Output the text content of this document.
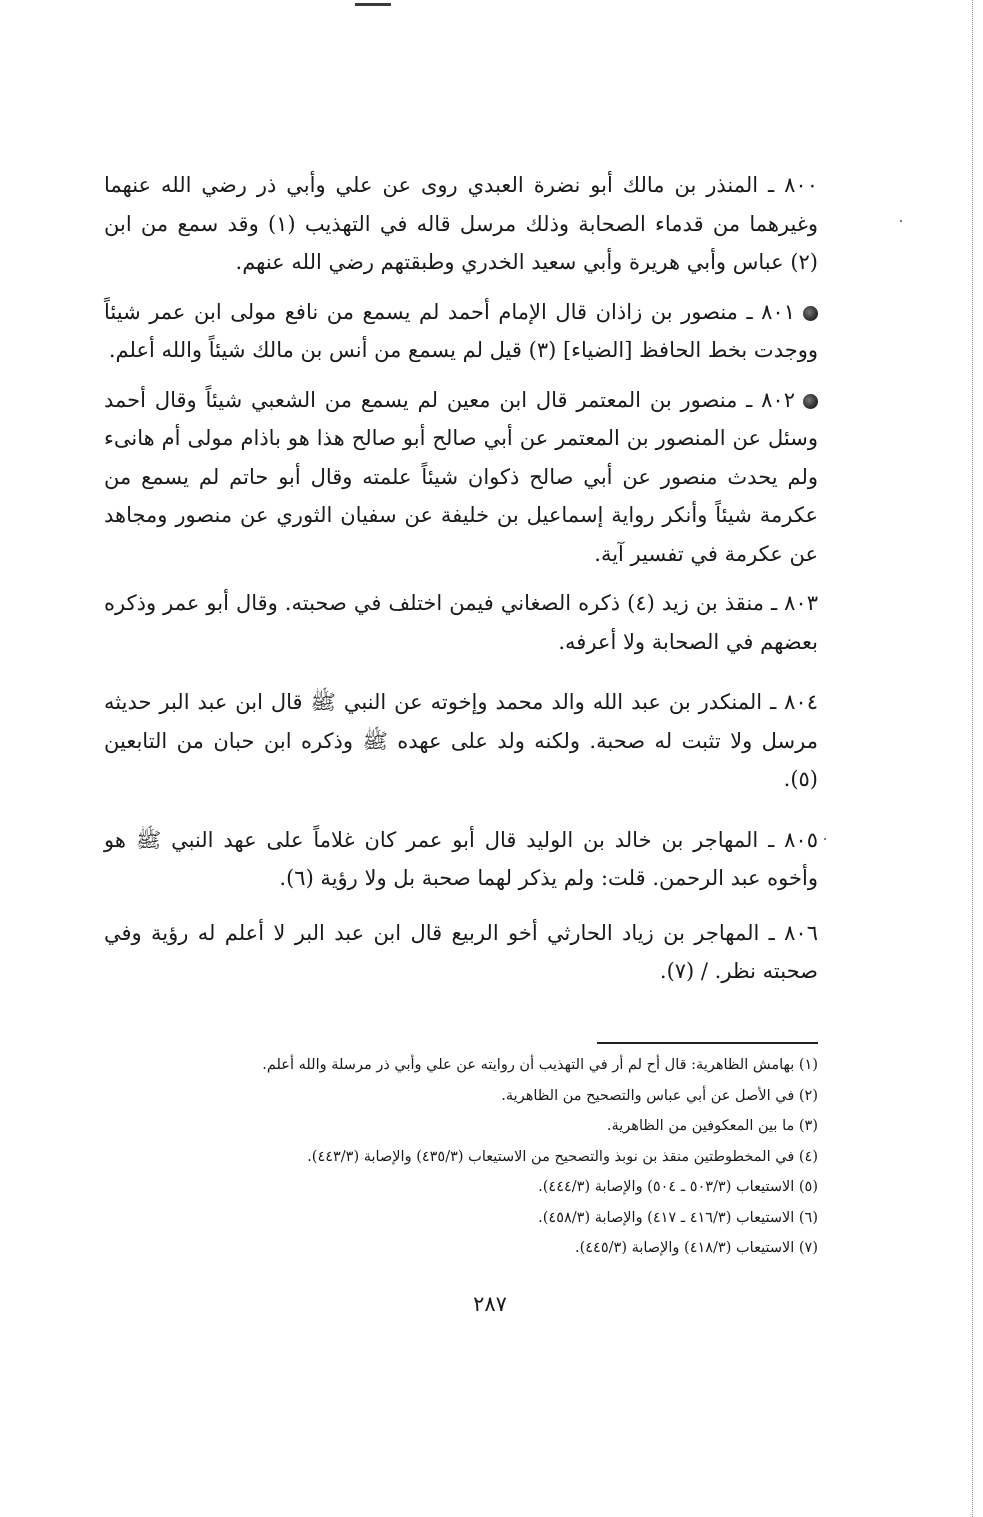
٨٠٠ ـ المنذر بن مالك أبو نضرة العبدي روى عن علي وأبي ذر رضي الله عنهما وغيرهما من قدماء الصحابة وذلك مرسل قاله في التهذيب (١) وقد سمع من ابن (٢) عباس وأبي هريرة وأبي سعيد الخدري وطبقتهم رضي الله عنهم.

٨٠١ ـ منصور بن زاذان قال الإمام أحمد لم يسمع من نافع مولى ابن عمر شيئاً ووجدت بخط الحافظ [الضياء] (٣) قيل لم يسمع من أنس بن مالك شيئاً والله أعلم.

٨٠٢ ـ منصور بن المعتمر قال ابن معين لم يسمع من الشعبي شيئاً وقال أحمد وسئل عن المنصور بن المعتمر عن أبي صالح أبو صالح هذا هو باذام مولى أم هانىء ولم يحدث منصور عن أبي صالح ذكوان شيئاً علمته وقال أبو حاتم لم يسمع من عكرمة شيئاً وأنكر رواية إسماعيل بن خليفة عن سفيان الثوري عن منصور ومجاهد عن عكرمة في تفسير آية.

٨٠٣ ـ منقذ بن زيد (٤) ذكره الصغاني فيمن اختلف في صحبته. وقال أبو عمر وذكره بعضهم في الصحابة ولا أعرفه.

٨٠٤ ـ المنكدر بن عبد الله والد محمد وإخوته عن النبي ﷺ قال ابن عبد البر حديثه مرسل ولا تثبت له صحبة. ولكنه ولد على عهده ﷺ وذكره ابن حبان من التابعين (٥).

٨٠٥ ـ المهاجر بن خالد بن الوليد قال أبو عمر كان غلاماً على عهد النبي ﷺ هو وأخوه عبد الرحمن. قلت: ولم يذكر لهما صحبة بل ولا رؤية (٦).

٨٠٦ ـ المهاجر بن زياد الحارثي أخو الربيع قال ابن عبد البر لا أعلم له رؤية وفي صحبته نظر. / (٧).

(١) بهامش الظاهرية: قال أح لم أر في التهذيب أن روايته عن علي وأبي ذر مرسلة والله أعلم.
(٢) في الأصل عن أبي عباس والتصحيح من الظاهرية.
(٣) ما بين المعكوفين من الظاهرية.
(٤) في المخطوطتين منقذ بن نوبذ والتصحيح من الاستيعاب (٤٣٥/٣) والإصابة (٤٤٣/٣).
(٥) الاستيعاب (٥٠٣/٣ ـ ٥٠٤) والإصابة (٤٤٤/٣).
(٦) الاستيعاب (٤١٦/٣ ـ ٤١٧) والإصابة (٤٥٨/٣).
(٧) الاستيعاب (٤١٨/٣) والإصابة (٤٤٥/٣).
٢٨٧
